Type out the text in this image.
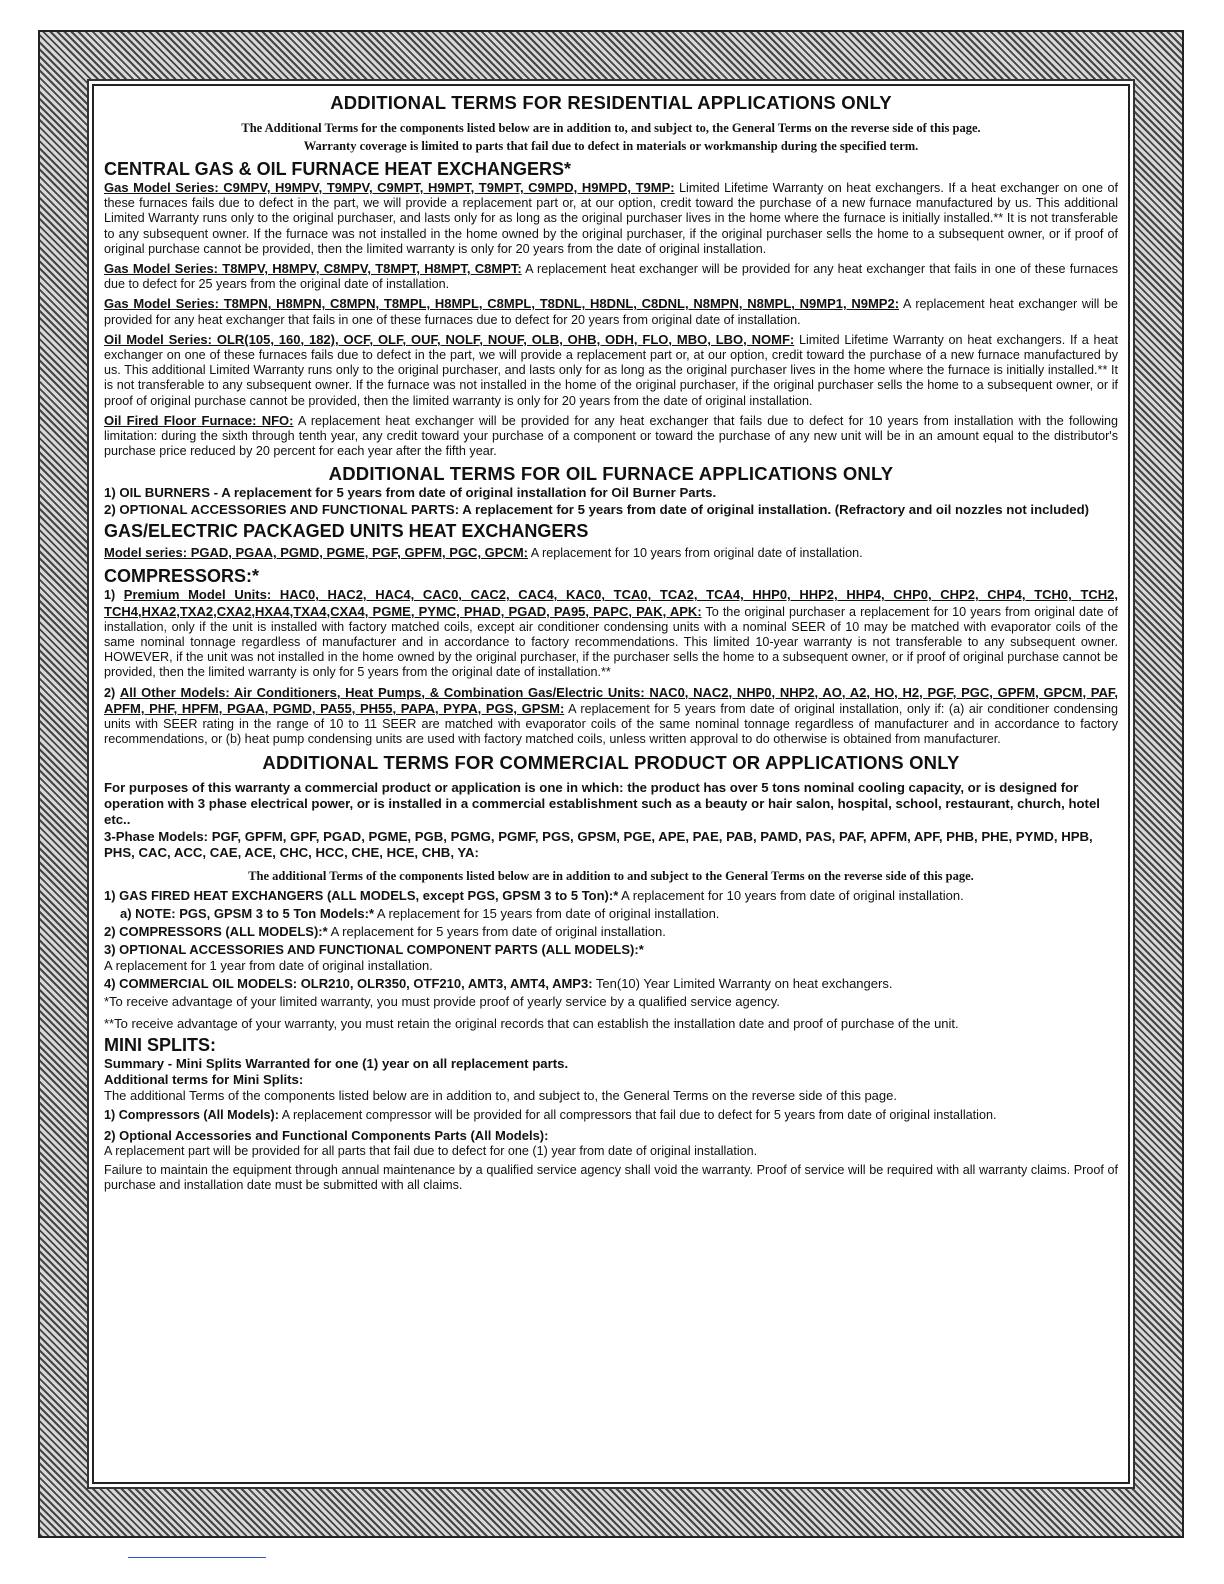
ADDITIONAL TERMS FOR RESIDENTIAL APPLICATIONS ONLY

The Additional Terms for the components listed below are in addition to, and subject to, the General Terms on the reverse side of this page.

Warranty coverage is limited to parts that fail due to defect in materials or workmanship during the specified term.

CENTRAL GAS & OIL FURNACE HEAT EXCHANGERS*

Gas Model Series: C9MPV, H9MPV, T9MPV, C9MPT, H9MPT, T9MPT, C9MPD, H9MPD, T9MP: Limited Lifetime Warranty on heat exchangers. If a heat exchanger on one of these furnaces fails due to defect in the part, we will provide a replacement part or, at our option, credit toward the purchase of a new furnace manufactured by us. This additional Limited Warranty runs only to the original purchaser, and lasts only for as long as the original purchaser lives in the home where the furnace is initially installed.** It is not transferable to any subsequent owner. If the furnace was not installed in the home owned by the original purchaser, if the original purchaser sells the home to a subsequent owner, or if proof of original purchase cannot be provided, then the limited warranty is only for 20 years from the date of original installation.

Gas Model Series: T8MPV, H8MPV, C8MPV, T8MPT, H8MPT, C8MPT: A replacement heat exchanger will be provided for any heat exchanger that fails in one of these furnaces due to defect for 25 years from the original date of installation.

Gas Model Series: T8MPN, H8MPN, C8MPN, T8MPL, H8MPL, C8MPL, T8DNL, H8DNL, C8DNL, N8MPN, N8MPL, N9MP1, N9MP2: A replacement heat exchanger will be provided for any heat exchanger that fails in one of these furnaces due to defect for 20 years from original date of installation.

Oil Model Series: OLR(105, 160, 182), OCF, OLF, OUF, NOLF, NOUF, OLB, OHB, ODH, FLO, MBO, LBO, NOMF: Limited Lifetime Warranty on heat exchangers. If a heat exchanger on one of these furnaces fails due to defect in the part, we will provide a replacement part or, at our option, credit toward the purchase of a new furnace manufactured by us. This additional Limited Warranty runs only to the original purchaser, and lasts only for as long as the original purchaser lives in the home where the furnace is initially installed.** It is not transferable to any subsequent owner. If the furnace was not installed in the home of the original purchaser, if the original purchaser sells the home to a subsequent owner, or if proof of original purchase cannot be provided, then the limited warranty is only for 20 years from the date of original installation.

Oil Fired Floor Furnace: NFO: A replacement heat exchanger will be provided for any heat exchanger that fails due to defect for 10 years from installation with the following limitation: during the sixth through tenth year, any credit toward your purchase of a component or toward the purchase of any new unit will be in an amount equal to the distributor's purchase price reduced by 20 percent for each year after the fifth year.

ADDITIONAL TERMS FOR OIL FURNACE APPLICATIONS ONLY

1) OIL BURNERS - A replacement for 5 years from date of original installation for Oil Burner Parts.

2) OPTIONAL ACCESSORIES AND FUNCTIONAL PARTS: A replacement for 5 years from date of original installation. (Refractory and oil nozzles not included)

GAS/ELECTRIC PACKAGED UNITS HEAT EXCHANGERS

Model series: PGAD, PGAA, PGMD, PGME, PGF, GPFM, PGC, GPCM: A replacement for 10 years from original date of installation.

COMPRESSORS:*

1) Premium Model Units: HAC0, HAC2, HAC4, CAC0, CAC2, CAC4, KAC0, TCA0, TCA2, TCA4, HHP0, HHP2, HHP4, CHP0, CHP2, CHP4, TCH0, TCH2, TCH4,HXA2,TXA2,CXA2,HXA4,TXA4,CXA4, PGME, PYMC, PHAD, PGAD, PA95, PAPC, PAK, APK: To the original purchaser a replacement for 10 years from original date of installation, only if the unit is installed with factory matched coils, except air conditioner condensing units with a nominal SEER of 10 may be matched with evaporator coils of the same nominal tonnage regardless of manufacturer and in accordance to factory recommendations. This limited 10-year warranty is not transferable to any subsequent owner. HOWEVER, if the unit was not installed in the home owned by the original purchaser, if the purchaser sells the home to a subsequent owner, or if proof of original purchase cannot be provided, then the limited warranty is only for 5 years from the original date of installation.**

2) All Other Models: Air Conditioners, Heat Pumps, & Combination Gas/Electric Units: NAC0, NAC2, NHP0, NHP2, AO, A2, HO, H2, PGF, PGC, GPFM, GPCM, PAF, APFM, PHF, HPFM, PGAA, PGMD, PA55, PH55, PAPA, PYPA, PGS, GPSM: A replacement for 5 years from date of original installation, only if: (a) air conditioner condensing units with SEER rating in the range of 10 to 11 SEER are matched with evaporator coils of the same nominal tonnage regardless of manufacturer and in accordance to factory recommendations, or (b) heat pump condensing units are used with factory matched coils, unless written approval to do otherwise is obtained from manufacturer.

ADDITIONAL TERMS FOR COMMERCIAL PRODUCT OR APPLICATIONS ONLY

For purposes of this warranty a commercial product or application is one in which: the product has over 5 tons nominal cooling capacity, or is designed for operation with 3 phase electrical power, or is installed in a commercial establishment such as a beauty or hair salon, hospital, school, restaurant, church, hotel etc..

3-Phase Models: PGF, GPFM, GPF, PGAD, PGME, PGB, PGMG, PGMF, PGS, GPSM, PGE, APE, PAE, PAB, PAMD, PAS, PAF, APFM, APF, PHB, PHE, PYMD, HPB, PHS, CAC, ACC, CAE, ACE, CHC, HCC, CHE, HCE, CHB, YA:

The additional Terms of the components listed below are in addition to and subject to the General Terms on the reverse side of this page.

1) GAS FIRED HEAT EXCHANGERS (ALL MODELS, except PGS, GPSM 3 to 5 Ton):* A replacement for 10 years from date of original installation.

a) NOTE: PGS, GPSM 3 to 5 Ton Models:* A replacement for 15 years from date of original installation.

2) COMPRESSORS (ALL MODELS):* A replacement for 5 years from date of original installation.

3) OPTIONAL ACCESSORIES AND FUNCTIONAL COMPONENT PARTS (ALL MODELS):*

A replacement for 1 year from date of original installation.

4) COMMERCIAL OIL MODELS: OLR210, OLR350, OTF210, AMT3, AMT4, AMP3: Ten(10) Year Limited Warranty on heat exchangers.

*To receive advantage of your limited warranty, you must provide proof of yearly service by a qualified service agency.

**To receive advantage of your warranty, you must retain the original records that can establish the installation date and proof of purchase of the unit.

MINI SPLITS:

Summary - Mini Splits Warranted for one (1) year on all replacement parts.

Additional terms for Mini Splits:

The additional Terms of the components listed below are in addition to, and subject to, the General Terms on the reverse side of this page.

1) Compressors (All Models): A replacement compressor will be provided for all compressors that fail due to defect for 5 years from date of original installation.

2) Optional Accessories and Functional Components Parts (All Models):

A replacement part will be provided for all parts that fail due to defect for one (1) year from date of original installation.

Failure to maintain the equipment through annual maintenance by a qualified service agency shall void the warranty. Proof of service will be required with all warranty claims. Proof of purchase and installation date must be submitted with all claims.
